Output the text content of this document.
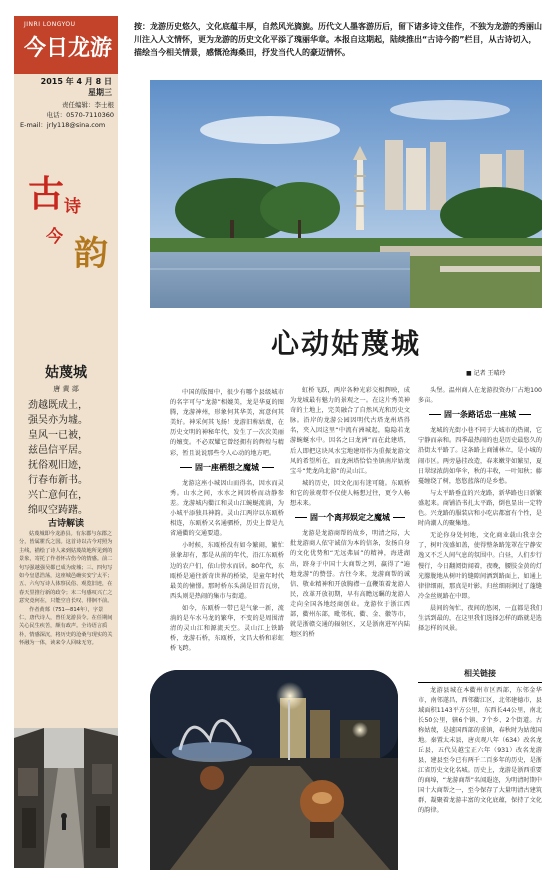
JINRI LONGYOU
今日龙游
2015 年 4 月 8 日
星期三
责任编辑：李士根
电话：0570-7110360
E-mail：jrly118@sina.com
古 诗
今 韵
姑蔑城
唐 黄 郯
劲越既成土，
强吴亦为墟。
皇风一已被，
兹邑信平居。
抚俗观旧迹，
行春布新书。
兴亡意何在，
绵叹空踌躇。
古诗解读
姑蔑城即今龙游县。有东郡与东郡之分，皆属瞿氏之国。这首诗以古今对照为主线，描绘了诗人来到姑蔑故地所见到的景象，寄托了作者怀古伤今的情感。前二句写强越强吴都已成为废墟；三、四句写如今皇恩浩荡，这座城邑确实安宁太平；五、六句写诗人体察民俗、观览旧迹，在春天里推行新的政令；末二句感叹兴亡之意究竟何在，只能空自长叹、徘徊不前。
作者黄郯（751—814年），字景仁，唐代诗人，曾任龙游县令。在任期间关心民生疾苦，颇有政声。全诗语言质朴，情感深沉，将历史的沧桑与现实的关怀融为一体，读来令人回味无穷。
按：龙游历史悠久，文化底蕴丰厚，自然风光旖旎。历代文人墨客游历后，留下诸多诗文佳作，不独为龙游的秀丽山川注入人文情怀，更为龙游的历史文化平添了瑰丽华章。本报自这期起，陆续推出“古诗今韵”栏目，从古诗切入，描绘当今相关情景，感慨沧海桑田，抒发当代人的豪迈情怀。
心动姑蔑城
■ 记者 王晴玲

中国的版图中，很少有哪个县级城市的名字可与“龙游”相媲美，龙是华夏的图腾，龙游神州，形象何其华美，寓意何其美好。神采何其飞扬！龙游旧称姑蔑，在历史文明的神秘年代，发生了一次次美丽的嬗变。不必双耀它曾经拥有的辉煌与精彩，暂且说说那些令人心动的地方吧。

固一座栖想之魔城

龙游这座小城因山而得名，因水而灵秀。山水之间，水水之间因桥而动静参差。龙游城内衢江和灵山江蜿蜒流淌，为小城平添独具神韵。灵山江两岸以东瓯桥相连，东瓯桥又名通驷桥，历史上曾是九省通衢的交通要道。

小时候，东瓯桥没有如今繁闹，繁忙景象却有，那是从前的年代，沿江东瓯桥边的农户们，依山傍水而居。80年代，东瓯桥是通往新奇世界的桥梁，是童年时代最美的憧憬。那时桥东头满是旧青瓦房，西头则是热闹的集市与街道。

如今，东瓯桥一带已是气象一新，流淌的是车水马龙的繁华，不变的是周围清清的灵山江和源流天空。灵山江上铁路桥，龙游石桥，东瓯桥，文昌大桥和彩虹桥飞跨。

虹桥飞跃，两岸各种光彩交相辉映，成为龙城最有魅力的景观之一。在这片秀美神奇的土地上，完美融合了自然风光和历史文脉。沿岸的龙游公园因明代古塔龙州塔得名，夹入因这里“中流有洲城起，隐隐若龙游蜿蜒水中。因名之曰龙洲”而在此建塔，后人即把这块风水宝地建塔作为重振龙游文风的希望所在，而龙洲塔恰恰坐镇南岸姑蔑宝斗“梵龙尚北游”的灵山江。

城的历史，因文化而有迷可随。东瓯桥和它的景观带不仅使人畅想过往，更令人畅想未来。

固一个离邦娱定之魔城

龙游是龙游商帮的故乡，明清之际，大批龙游商人依守诚信为本的信条，发扬自身的文化优势和“无远弗届”的精神，海进湖出，跻身于中国十大商帮之列，赢得了“遍地龙游”的赞誉。古往今来，龙游商帮的诚信、敬业精神和开放胸襟一直鞭策着龙游人民，改革开放初期，早有高瞻远瞩的龙游人走向全国各地经商创业。龙游位于浙江西部，衢州东部，毗邻杭、衢、金、徽等市，就是浙赣交通的辐射区，又是浙南进军内陆地区的桥

头堡。温州商人在龙游投资办厂占地100多亩。

固一条路话忠一座城

龙城的光街小巷不同于大城市的热闹，它宁静而亲和。四季最热闹的也是历史最悠久的沿街太平路了。这条路上商铺林立，是小城的闹市区。两旁悬挂改造，春来嫩芽如繁星，夏日翠绿浓荫如华伞，秋的丰收，一叶知秋；藤蔓缠绕了树，悠悠蓝落的是乡愁。

与太平路垂直的兴龙路，新华路也日新繁盛起来。商铺沿书扎太平路，倒也显出一定特色。兴龙路的服装店和小吃店都富有个性，是时尚潮人的聚集地。

无论你身处何地，文化商业载山我幸会了，树叶茂盛如盖，使得整条路笼罩在宁静安逸又不乏人间气息的氛围中。白昼，人们步行慢行，今日翻阅街闻着，夜晚，腰肢金黄的灯光朦胧地从树叶的缝隙间洒到路面上，如通上律律细雨，那真是叶影。归丝细雨润过了蓬缝冷金丝规路在中即。

晨间的匆忙，夜间的悠闲，一直都是我们生活到最的，在这里我们选择怎样的路就是选择怎样的风景。

相关链接
龙游县城在本衢州市区西部，东邻金华市，南邻遂昌，西邻衢江区，北邻建德市，县域面积1143平方公里，东西长44公里，南北长50公里，辖6个镇、7个乡、2个街道。古称姑蔑，是越国西部的重镇，春秋时为姑蔑国地。秦置太末县，唐贞观八年（634）改名龙丘县，五代吴越宝正六年（931）改名龙游县，建县至今已有两千二百多年的历史，是浙江省历史文化名城。历史上，龙游是浙西重要的商埠，“龙游商帮”名闻遐迩，为明清时期中国十大商帮之一，至今保存了大量明清古建筑群，凝聚着龙游丰富的文化底蕴，保持了文化的韵律。
